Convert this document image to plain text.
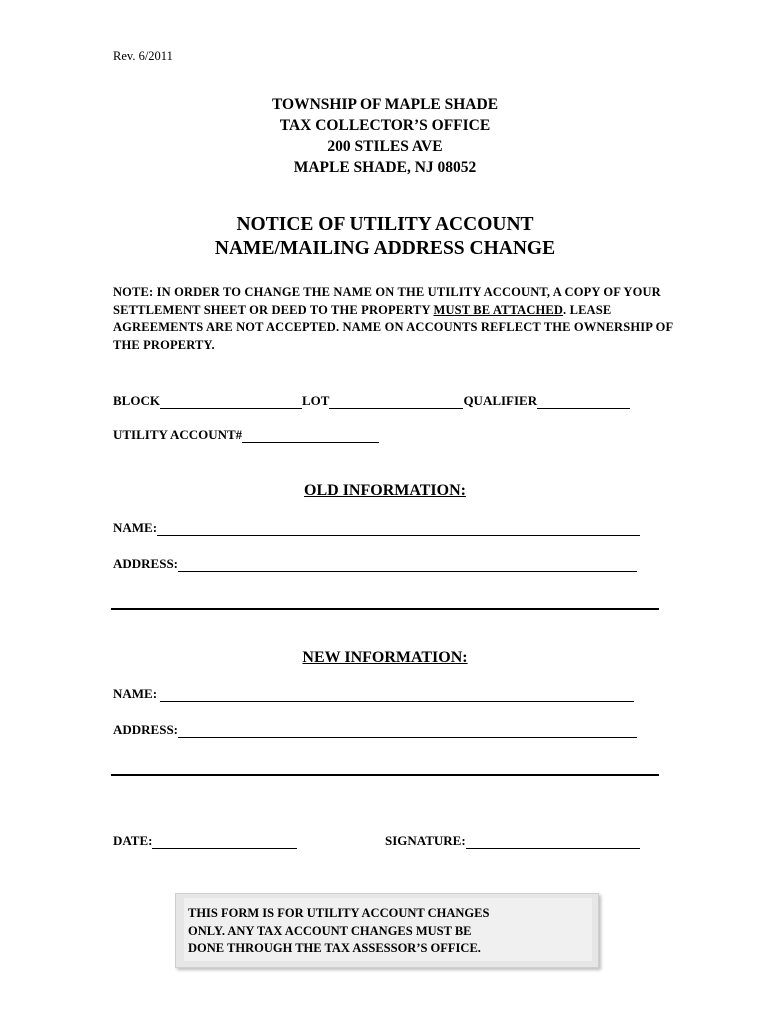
Rev. 6/2011
TOWNSHIP OF MAPLE SHADE
TAX COLLECTOR’S OFFICE
200 STILES AVE
MAPLE SHADE, NJ 08052
NOTICE OF UTILITY ACCOUNT
NAME/MAILING ADDRESS CHANGE
NOTE: IN ORDER TO CHANGE THE NAME ON THE UTILITY ACCOUNT, A COPY OF YOUR SETTLEMENT SHEET OR DEED TO THE PROPERTY MUST BE ATTACHED. LEASE AGREEMENTS ARE NOT ACCEPTED. NAME ON ACCOUNTS REFLECT THE OWNERSHIP OF THE PROPERTY.
BLOCK	LOT	QUALIFIER
UTILITY ACCOUNT#
OLD INFORMATION:
NAME:
ADDRESS:
NEW INFORMATION:
NAME:
ADDRESS:
DATE:	SIGNATURE:
THIS FORM IS FOR UTILITY ACCOUNT CHANGES
ONLY. ANY TAX ACCOUNT CHANGES MUST BE
DONE THROUGH THE TAX ASSESSOR’S OFFICE.
